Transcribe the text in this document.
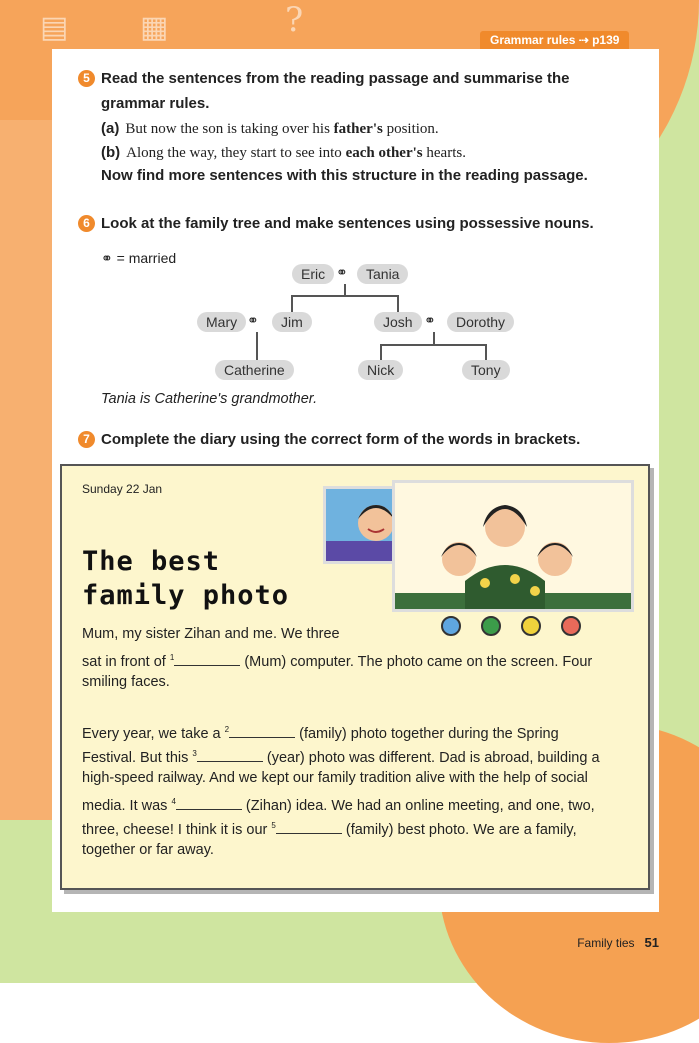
?
▤ ▦	Grammar rules ⇢ p139
5 Read the sentences from the reading passage and summarise the
grammar rules.
(a) But now the son is taking over his father's position.
(b) Along the way, they start to see into each other's hearts.
Now find more sentences with this structure in the reading passage.
6 Look at the family tree and make sentences using possessive nouns.
⚭ = married
Eric ⚭	Tania
Mary ⚭	Jim	Josh ⚭	Dorothy
Catherine	Nick	Tony
Tania is Catherine's grandmother.
7 Complete the diary using the correct form of the words in brackets.
Sunday 22 Jan
The best
family photo
Mum, my sister Zihan and me. We three
sat in front of $^1$	(Mum) computer. The photo came on the screen. Four
smiling faces.
Every year, we take a $^2$	(family) photo together during the Spring
Festival. But this $^3$	(year) photo was different. Dad is abroad, building a
high-speed railway. And we kept our family tradition alive with the help of social
media. It was $^4$	(Zihan) idea. We had an online meeting, and one, two,
three, cheese! I think it is our $^5$	(family) best photo. We are a family,
together or far away.
Family ties 51
